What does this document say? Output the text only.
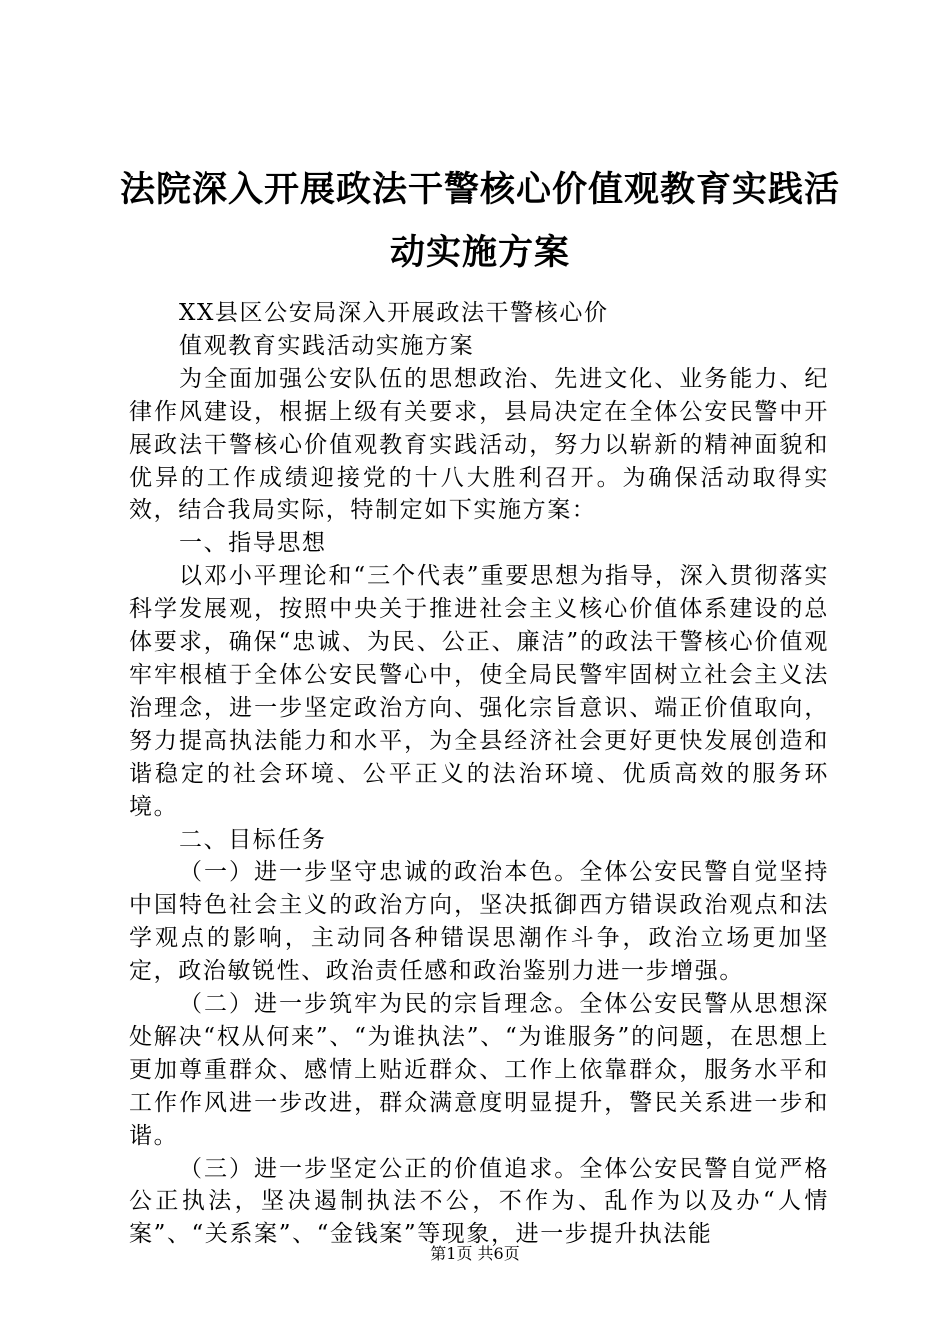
法院深入开展政法干警核心价值观教育实践活动实施方案

XX县区公安局深入开展政法干警核心价

值观教育实践活动实施方案

为全面加强公安队伍的思想政治、先进文化、业务能力、纪律作风建设，根据上级有关要求，县局决定在全体公安民警中开展政法干警核心价值观教育实践活动，努力以崭新的精神面貌和优异的工作成绩迎接党的十八大胜利召开。为确保活动取得实效，结合我局实际，特制定如下实施方案：

一、指导思想

以邓小平理论和“三个代表”重要思想为指导，深入贯彻落实科学发展观，按照中央关于推进社会主义核心价值体系建设的总体要求，确保“忠诚、为民、公正、廉洁”的政法干警核心价值观牢牢根植于全体公安民警心中，使全局民警牢固树立社会主义法治理念，进一步坚定政治方向、强化宗旨意识、端正价值取向，努力提高执法能力和水平，为全县经济社会更好更快发展创造和谐稳定的社会环境、公平正义的法治环境、优质高效的服务环境。

二、目标任务

（一）进一步坚守忠诚的政治本色。全体公安民警自觉坚持中国特色社会主义的政治方向，坚决抵御西方错误政治观点和法学观点的影响，主动同各种错误思潮作斗争，政治立场更加坚定，政治敏锐性、政治责任感和政治鉴别力进一步增强。

（二）进一步筑牢为民的宗旨理念。全体公安民警从思想深处解决“权从何来”、“为谁执法”、“为谁服务”的问题，在思想上更加尊重群众、感情上贴近群众、工作上依靠群众，服务水平和工作作风进一步改进，群众满意度明显提升，警民关系进一步和谐。

（三）进一步坚定公正的价值追求。全体公安民警自觉严格公正执法，坚决遏制执法不公，不作为、乱作为以及办“人情案”、“关系案”、“金钱案”等现象，进一步提升执法能

第1页 共6页
